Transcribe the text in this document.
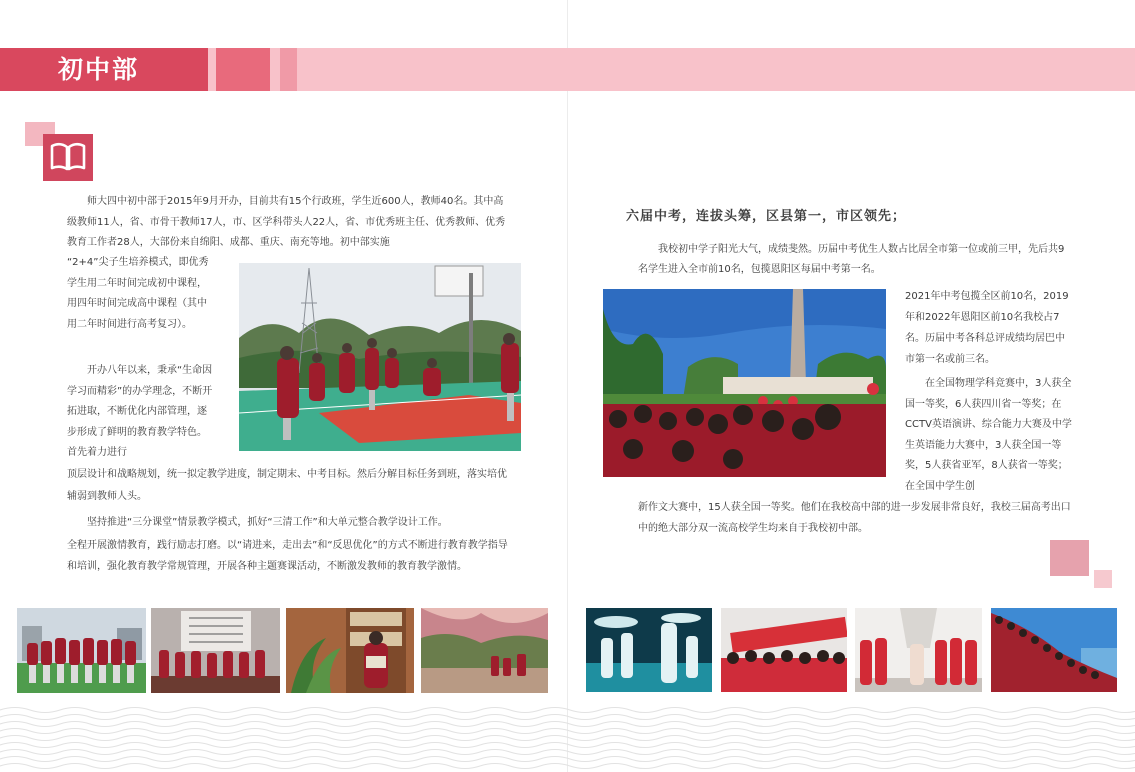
初中部

师大四中初中部于2015年9月开办，目前共有15个行政班，学生近600人，教师40名。其中高级教师11人，省、市骨干教师17人，市、区学科带头人22人，省、市优秀班主任、优秀教师、优秀教育工作者28人，大部份来自绵阳、成都、重庆、南充等地。初中部实施

“2+4”尖子生培养模式，即优秀学生用二年时间完成初中课程，用四年时间完成高中课程（其中用二年时间进行高考复习）。

开办八年以来，秉承“生命因学习而精彩”的办学理念，不断开拓进取，不断优化内部管理，逐步形成了鲜明的教育教学特色。首先着力进行

顶层设计和战略规划，统一拟定教学进度，制定期末、中考目标。然后分解目标任务到班，落实培优辅弱到教师人头。

坚持推进“三分课堂”情景教学模式，抓好“三清工作”和大单元整合教学设计工作。

全程开展激情教育，践行励志打磨。以“请进来，走出去”和“反思优化”的方式不断进行教育教学指导和培训，强化教育教学常规管理，开展各种主题赛课活动，不断激发教师的教育教学激情。

六届中考，连拔头筹，区县第一，市区领先；

我校初中学子阳光大气，成绩斐然。历届中考优生人数占比居全市第一位或前三甲，先后共9名学生进入全市前10名，包揽恩阳区每届中考第一名。

2021年中考包揽全区前10名，2019年和2022年恩阳区前10名我校占7名。历届中考各科总评成绩均居巴中市第一名或前三名。

在全国物理学科竞赛中，3人获全国一等奖，6人获四川省一等奖；在CCTV英语演讲、综合能力大赛及中学生英语能力大赛中，3人获全国一等奖，5人获省亚军，8人获省一等奖；在全国中学生创

新作文大赛中，15人获全国一等奖。他们在我校高中部的进一步发展非常良好，我校三届高考出口中的绝大部分双一流高校学生均来自于我校初中部。
